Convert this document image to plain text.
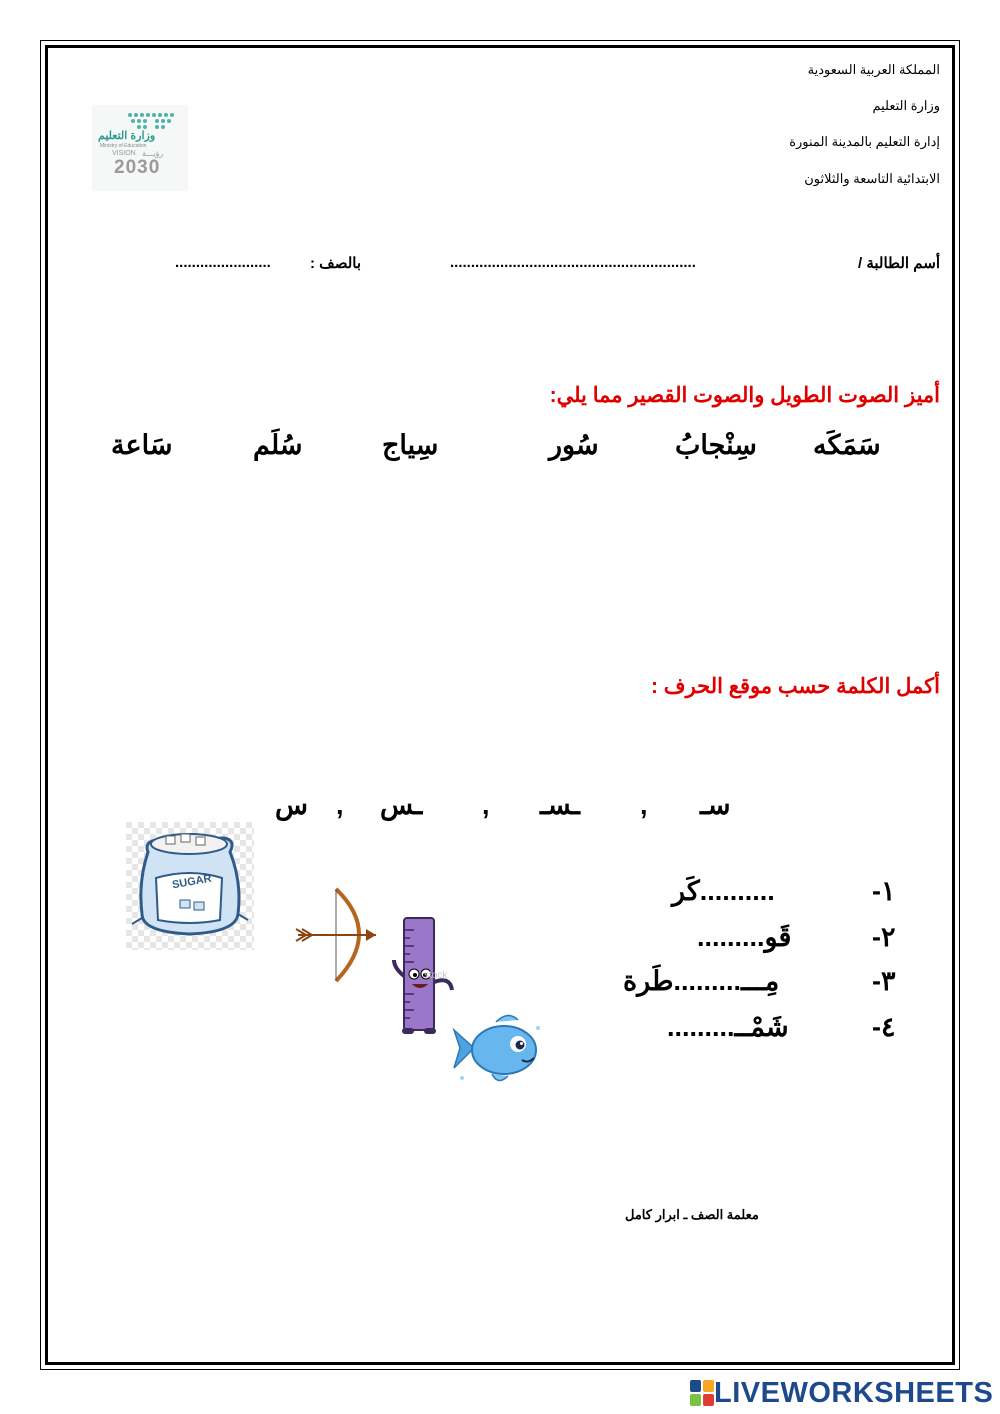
المملكة العربية السعودية
وزارة التعليم
إدارة التعليم بالمدينة المنورة
الابتدائية التاسعة والثلاثون
وزارة التعليم
Ministry of Education
VISION رؤيـــة
2030
أسم الطالبة /
...........................................................
بالصف :
.......................
أميز الصوت الطويل والصوت القصير مما يلي:
سَمَكَه
سِنْجابُ
سُور
سِياج
سُلَم
سَاعة
أكمل الكلمة حسب موقع الحرف :
سـ
,
ـسـ
,
ـس
,
س
١-
..........كَر
٢-
قَو.........
٣-
مِـــ.........طَرة
٤-
شَمْــ.........
SUGAR
stock
معلمة الصف ـ ابرار كامل
LIVEWORKSHEETS
